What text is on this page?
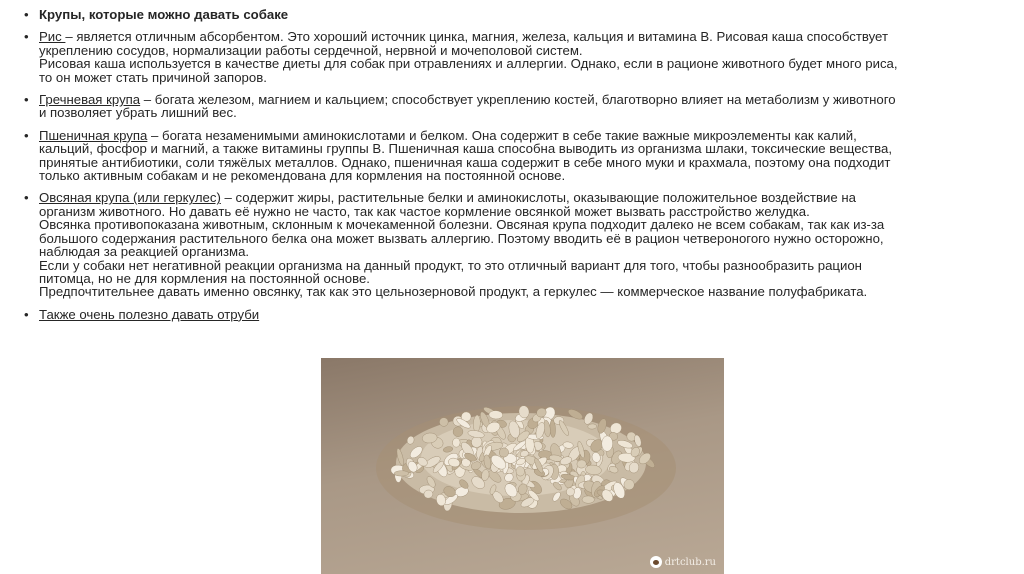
• Крупы, которые можно давать собаке

• Рис – является отличным абсорбентом. Это хороший источник цинка, магния, железа, кальция и витамина В. Рисовая каша способствует укреплению сосудов, нормализации работы сердечной, нервной и мочеполовой систем.

Рисовая каша используется в качестве диеты для собак при отравлениях и аллергии. Однако, если в рационе животного будет много риса, то он может стать причиной запоров.

• Гречневая крупа – богата железом, магнием и кальцием; способствует укреплению костей, благотворно влияет на метаболизм у животного и позволяет убрать лишний вес.

• Пшеничная крупа – богата незаменимыми аминокислотами и белком. Она содержит в себе такие важные микроэлементы как калий, кальций, фосфор и магний, а также витамины группы В. Пшеничная каша способна выводить из организма шлаки, токсические вещества, принятые антибиотики, соли тяжёлых металлов. Однако, пшеничная каша содержит в себе много муки и крахмала, поэтому она подходит только активным собакам и не рекомендована для кормления на постоянной основе.

• Овсяная крупа (или геркулес) – содержит жиры, растительные белки и аминокислоты, оказывающие положительное воздействие на организм животного. Но давать её нужно не часто, так как частое кормление овсянкой может вызвать расстройство желудка.

Овсянка противопоказана животным, склонным к мочекаменной болезни. Овсяная крупа подходит далеко не всем собакам, так как из-за большого содержания растительного белка она может вызвать аллергию. Поэтому вводить её в рацион четвероногого нужно осторожно, наблюдая за реакцией организма.

Если у собаки нет негативной реакции организма на данный продукт, то это отличный вариант для того, чтобы разнообразить рацион питомца, но не для кормления на постоянной основе.

Предпочтительнее давать именно овсянку, так как это цельнозерновой продукт, а геркулес — коммерческое название полуфабриката.

• Также очень полезно давать отруби

drtclub.ru
